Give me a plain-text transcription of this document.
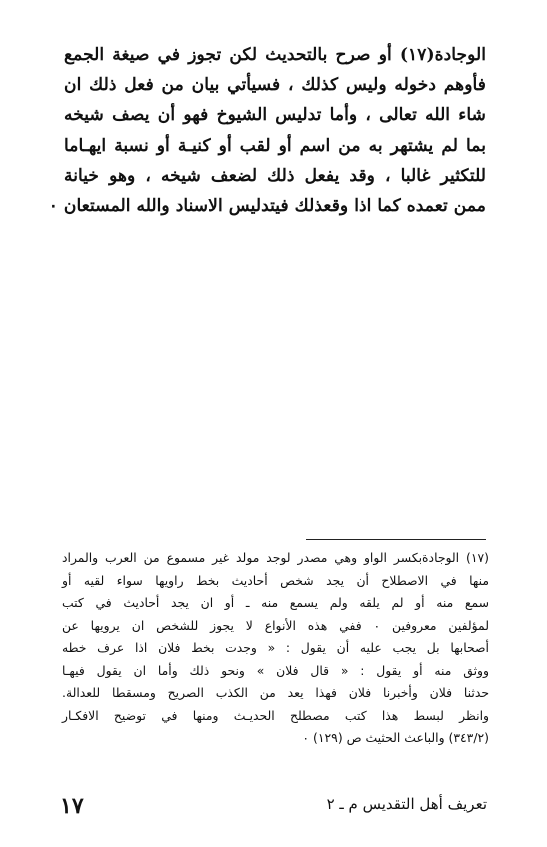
الوجادة(١٧) أو صرح بالتحديث لكن تجوز في صيغة الجمع
فأوهم دخوله وليس كذلك ، فسيأتي بيان من فعل ذلك ان
شاء الله تعالى ، وأما تدليس الشيوخ فهو أن يصف شيخه
بما لم يشتهر به من اسم أو لقب أو كنيـة أو نسبة ايهـاما
للتكثير غالبا ، وقد يفعل ذلك لضعف شيخه ، وهو خيانة
ممن تعمده كما اذا وقعذلك فيتدليس الاسناد والله المستعان ٠
(١٧) الوجادةبكسر الواو وهي مصدر لوجد مولد غير مسموع من العرب والمراد
منها في الاصطلاح أن يجد شخص أحاديث بخط راويها سواء لقيه أو
سمع منه أو لم يلقه ولم يسمع منه ـ أو ان يجد أحاديث في كتب
لمؤلفين معروفين ٠ ففي هذه الأنواع لا يجوز للشخص ان يرويها عن
أصحابها بل يجب عليه أن يقول : « وجدت بخط فلان اذا عرف خطه
ووثق منه أو يقول : « قال فلان » ونحو ذلك وأما ان يقول فيهـا
حدثنا فلان وأخبرنا فلان فهذا يعد من الكذب الصريح ومسقطا للعدالة.
وانظر لبسط هذا كتب مصطلح الحديـث ومنها في توضيح الافكـار
(٣٤٣/٢) والباعث الحثيث ص (١٢٩) ٠
تعريف أهل التقديس م ـ ٢
١٧
